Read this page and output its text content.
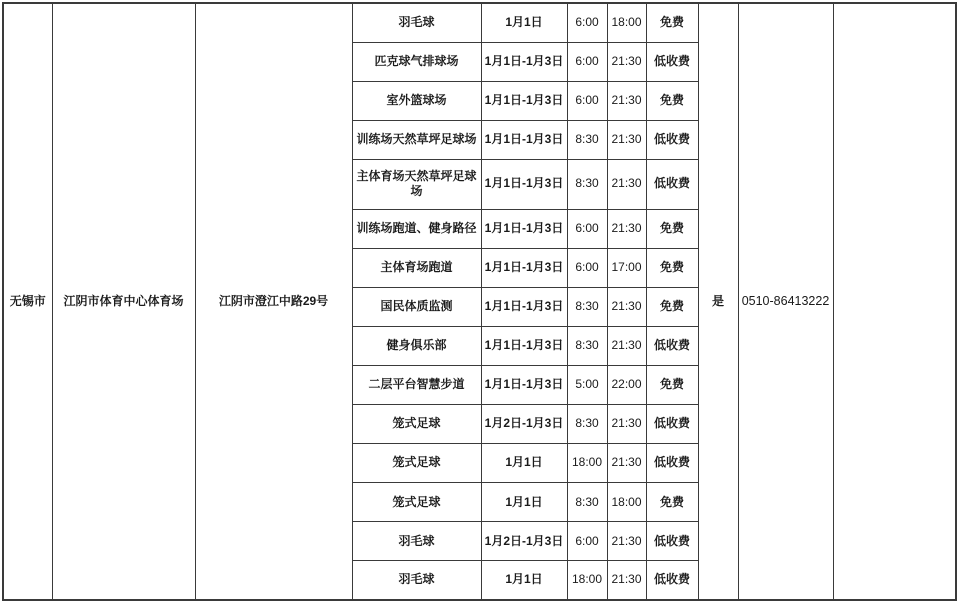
无锡市	江阴市体育中心体育场	江阴市澄江中路29号	羽毛球	1月1日	6:00	18:00	免费	是	0510-86413222	
			匹克球气排球场	1月1日-1月3日	6:00	21:30	低收费			
			室外篮球场	1月1日-1月3日	6:00	21:30	免费			
			训练场天然草坪足球场	1月1日-1月3日	8:30	21:30	低收费			
			主体育场天然草坪足球场	1月1日-1月3日	8:30	21:30	低收费			
			训练场跑道、健身路径	1月1日-1月3日	6:00	21:30	免费			
			主体育场跑道	1月1日-1月3日	6:00	17:00	免费			
			国民体质监测	1月1日-1月3日	8:30	21:30	免费			
			健身俱乐部	1月1日-1月3日	8:30	21:30	低收费			
			二层平台智慧步道	1月1日-1月3日	5:00	22:00	免费			
			笼式足球	1月2日-1月3日	8:30	21:30	低收费			
			笼式足球	1月1日	18:00	21:30	低收费			
			笼式足球	1月1日	8:30	18:00	免费			
			羽毛球	1月2日-1月3日	6:00	21:30	低收费			
			羽毛球	1月1日	18:00	21:30	低收费			
